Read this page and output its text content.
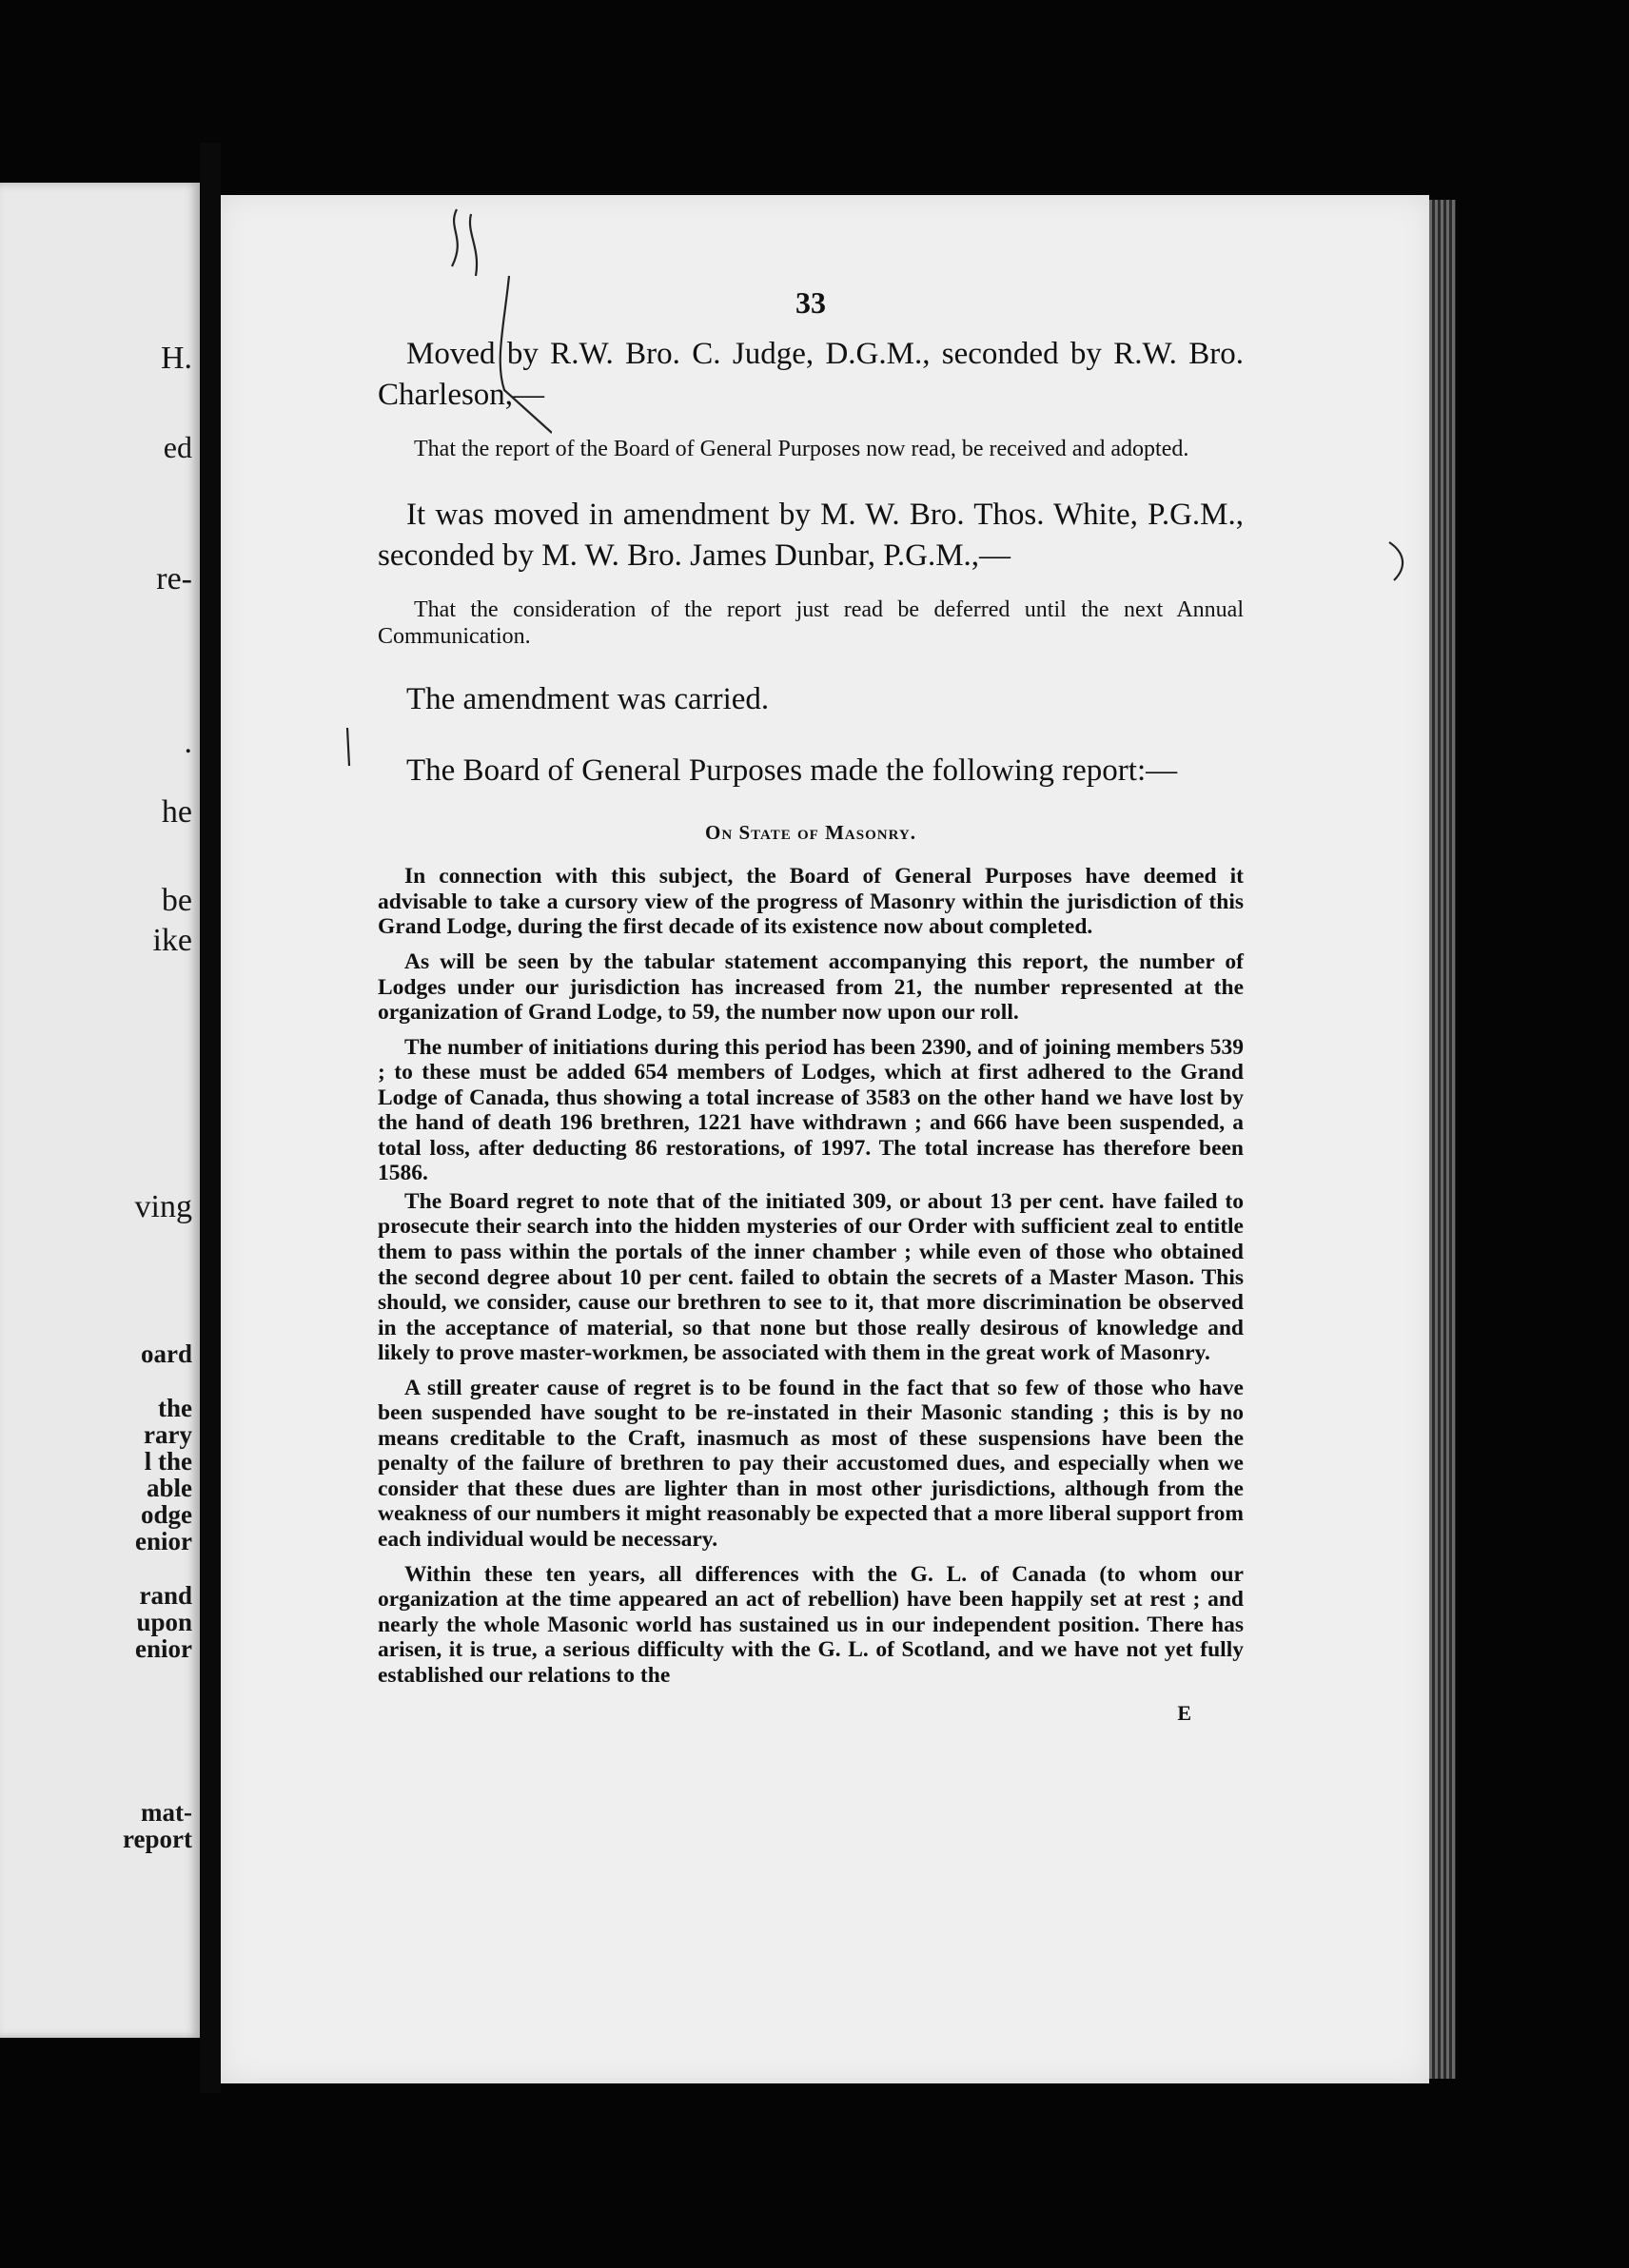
H.
ed
re-
.
he
be
ike
ving
oard
the
rary
l the
able
odge
enior
rand
upon
enior
mat-
report
33

Moved by R.W. Bro. C. Judge, D.G.M., seconded by R.W. Bro. Charleson,—

That the report of the Board of General Purposes now read, be received and adopted.

It was moved in amendment by M. W. Bro. Thos. White, P.G.M., seconded by M. W. Bro. James Dunbar, P.G.M.,—

That the consideration of the report just read be deferred until the next Annual Communication.

The amendment was carried.

The Board of General Purposes made the following report:—

On State of Masonry.

In connection with this subject, the Board of General Purposes have deemed it advisable to take a cursory view of the progress of Masonry within the jurisdiction of this Grand Lodge, during the first decade of its existence now about completed.

As will be seen by the tabular statement accompanying this report, the number of Lodges under our jurisdiction has increased from 21, the number represented at the organization of Grand Lodge, to 59, the number now upon our roll.

The number of initiations during this period has been 2390, and of joining members 539 ; to these must be added 654 members of Lodges, which at first adhered to the Grand Lodge of Canada, thus showing a total increase of 3583 on the other hand we have lost by the hand of death 196 brethren, 1221 have withdrawn ; and 666 have been suspended, a total loss, after deducting 86 restorations, of 1997. The total increase has therefore been 1586.

The Board regret to note that of the initiated 309, or about 13 per cent. have failed to prosecute their search into the hidden mysteries of our Order with sufficient zeal to entitle them to pass within the portals of the inner chamber ; while even of those who obtained the second degree about 10 per cent. failed to obtain the secrets of a Master Mason. This should, we consider, cause our brethren to see to it, that more discrimination be observed in the acceptance of material, so that none but those really desirous of knowledge and likely to prove master-workmen, be associated with them in the great work of Masonry.

A still greater cause of regret is to be found in the fact that so few of those who have been suspended have sought to be re-instated in their Masonic standing ; this is by no means creditable to the Craft, inasmuch as most of these suspensions have been the penalty of the failure of brethren to pay their accustomed dues, and especially when we consider that these dues are lighter than in most other jurisdictions, although from the weakness of our numbers it might reasonably be expected that a more liberal support from each individual would be necessary.

Within these ten years, all differences with the G. L. of Canada (to whom our organization at the time appeared an act of rebellion) have been happily set at rest ; and nearly the whole Masonic world has sustained us in our independent position. There has arisen, it is true, a serious difficulty with the G. L. of Scotland, and we have not yet fully established our relations to the

E
